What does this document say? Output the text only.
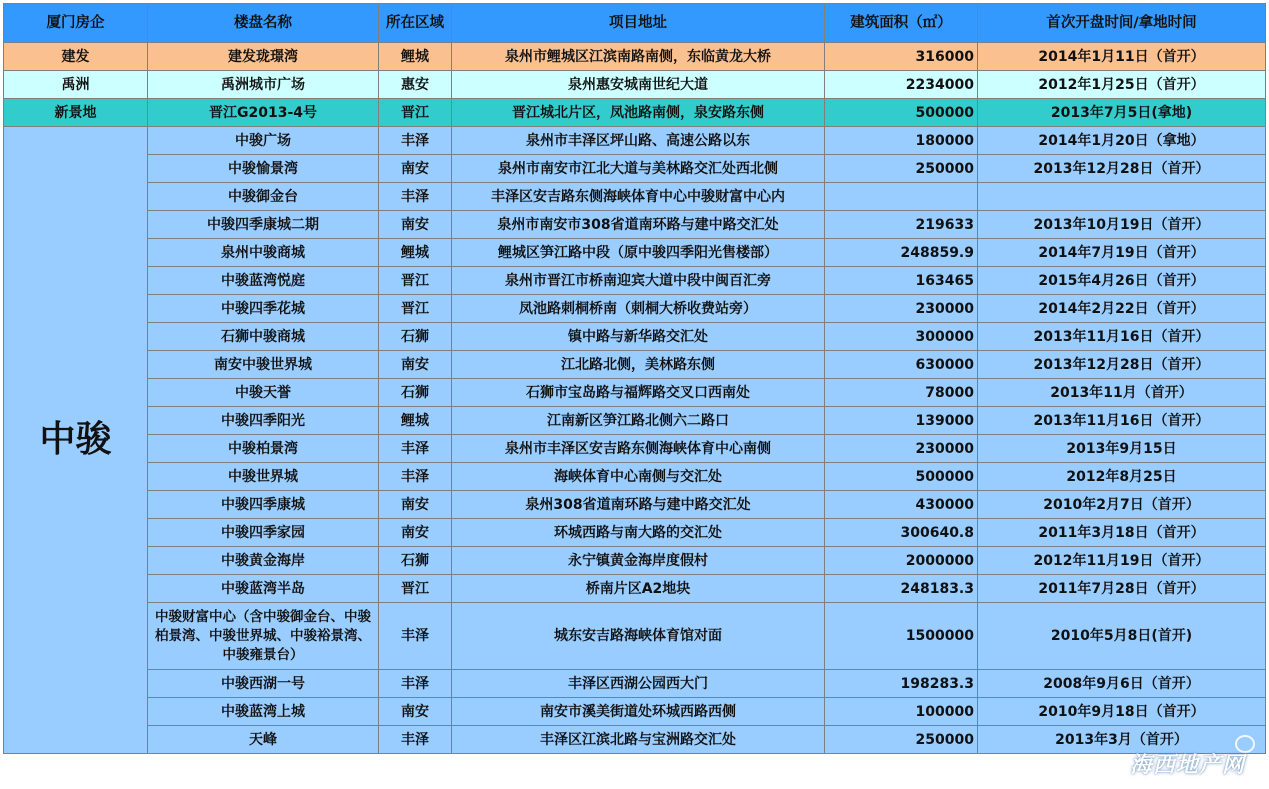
厦门房企	楼盘名称	所在区域	项目地址	建筑面积（㎡）	首次开盘时间/拿地时间
建发	建发珑璟湾	鲤城	泉州市鲤城区江滨南路南侧，东临黄龙大桥	316000	2014年1月11日（首开）
禹洲	禹洲城市广场	惠安	泉州惠安城南世纪大道	2234000	2012年1月25日（首开）
新景地	晋江G2013-4号	晋江	晋江城北片区，凤池路南侧，泉安路东侧	500000	2013年7月5日(拿地)
中骏	中骏广场	丰泽	泉州市丰泽区坪山路、高速公路以东	180000	2014年1月20日（拿地）
	中骏愉景湾	南安	泉州市南安市江北大道与美林路交汇处西北侧	250000	2013年12月28日（首开）
	中骏御金台	丰泽	丰泽区安吉路东侧海峡体育中心中骏财富中心内		
	中骏四季康城二期	南安	泉州市南安市308省道南环路与建中路交汇处	219633	2013年10月19日（首开）
	泉州中骏商城	鲤城	鲤城区笋江路中段（原中骏四季阳光售楼部）	248859.9	2014年7月19日（首开）
	中骏蓝湾悦庭	晋江	泉州市晋江市桥南迎宾大道中段中闽百汇旁	163465	2015年4月26日（首开）
	中骏四季花城	晋江	凤池路刺桐桥南（刺桐大桥收费站旁）	230000	2014年2月22日（首开）
	石狮中骏商城	石狮	镇中路与新华路交汇处	300000	2013年11月16日（首开）
	南安中骏世界城	南安	江北路北侧，美林路东侧	630000	2013年12月28日（首开）
	中骏天誉	石狮	石狮市宝岛路与福辉路交叉口西南处	78000	2013年11月（首开）
	中骏四季阳光	鲤城	江南新区笋江路北侧六二路口	139000	2013年11月16日（首开）
	中骏柏景湾	丰泽	泉州市丰泽区安吉路东侧海峡体育中心南侧	230000	2013年9月15日
	中骏世界城	丰泽	海峡体育中心南侧与交汇处	500000	2012年8月25日
	中骏四季康城	南安	泉州308省道南环路与建中路交汇处	430000	2010年2月7日（首开）
	中骏四季家园	南安	环城西路与南大路的交汇处	300640.8	2011年3月18日（首开）
	中骏黄金海岸	石狮	永宁镇黄金海岸度假村	2000000	2012年11月19日（首开）
	中骏蓝湾半岛	晋江	桥南片区A2地块	248183.3	2011年7月28日（首开）
	中骏财富中心（含中骏御金台、中骏柏景湾、中骏世界城、中骏裕景湾、中骏雍景台）	丰泽	城东安吉路海峡体育馆对面	1500000	2010年5月8日(首开)
	中骏西湖一号	丰泽	丰泽区西湖公园西大门	198283.3	2008年9月6日（首开）
	中骏蓝湾上城	南安	南安市溪美街道处环城西路西侧	100000	2010年9月18日（首开）
	天峰	丰泽	丰泽区江滨北路与宝洲路交汇处	250000	2013年3月（首开）
海西地产网
